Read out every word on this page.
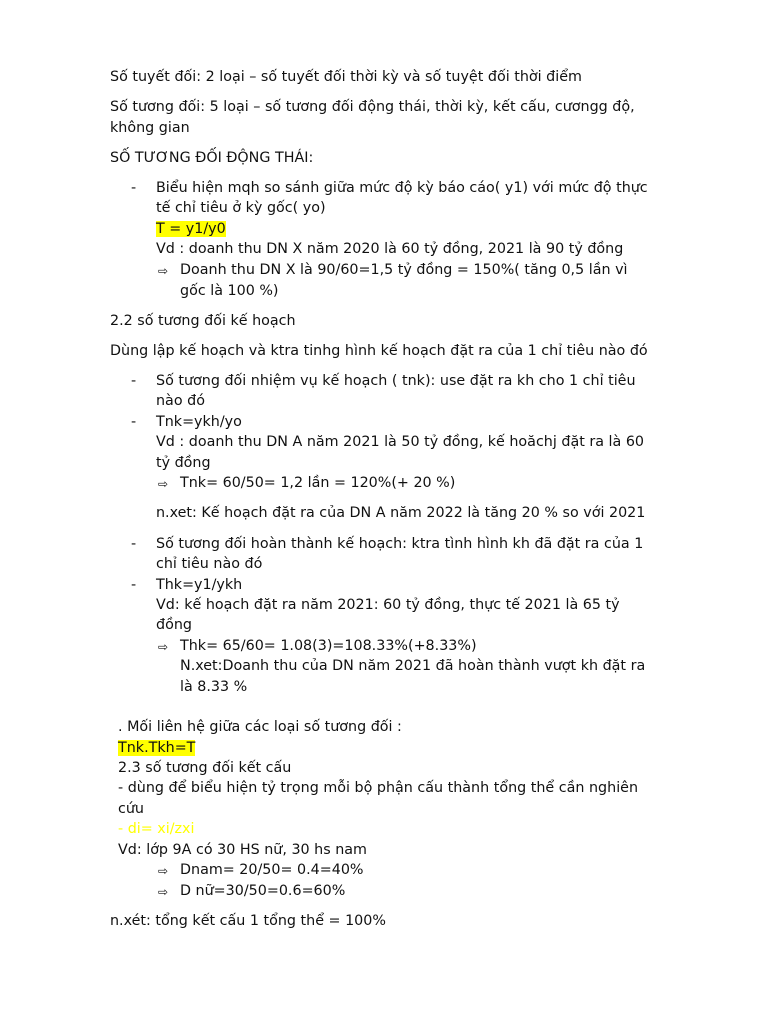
Số tuyết đối: 2 loại – số tuyết đối thời kỳ và số tuyệt đối thời điểm
Số tương đối: 5 loại – số tương đối động thái, thời kỳ, kết cấu, cươngg độ,
không gian
SỐ TƯƠNG ĐỐI ĐỘNG THÁI:
- Biểu hiện mqh so sánh giữa mức độ kỳ báo cáo( y1) với mức độ thực
tế chỉ tiêu ở kỳ gốc( yo)
T = y1/y0
Vd : doanh thu DN X năm 2020 là 60 tỷ đồng, 2021 là 90 tỷ đồng
⇨ Doanh thu DN X là 90/60=1,5 tỷ đồng = 150%( tăng 0,5 lần vì
gốc là 100 %)
2.2 số tương đối kế hoạch
Dùng lập kế hoạch và ktra tinhg hình kế hoạch đặt ra của 1 chỉ tiêu nào đó
- Số tương đối nhiệm vụ kế hoạch ( tnk): use đặt ra kh cho 1 chỉ tiêu
nào đó
- Tnk=ykh/yo
Vd : doanh thu DN A năm 2021 là 50 tỷ đồng, kế hoăchj đặt ra là 60
tỷ đồng
⇨ Tnk= 60/50= 1,2 lần = 120%(+ 20 %)
n.xet: Kế hoạch đặt ra của DN A năm 2022 là tăng 20 % so với 2021
- Số tương đối hoàn thành kế hoạch: ktra tình hình kh đã đặt ra của 1
chỉ tiêu nào đó
- Thk=y1/ykh
Vd: kế hoạch đặt ra năm 2021: 60 tỷ đồng, thực tế 2021 là 65 tỷ
đồng
⇨ Thk= 65/60= 1.08(3)=108.33%(+8.33%)
N.xet:Doanh thu của DN năm 2021 đã hoàn thành vượt kh đặt ra
là 8.33 %
. Mối liên hệ giữa các loại số tương đối :
Tnk.Tkh=T
2.3 số tương đối kết cấu
- dùng để biểu hiện tỷ trọng mỗi bộ phận cấu thành tổng thể cần nghiên
cứu
- di= xi/zxi
Vd: lớp 9A có 30 HS nữ, 30 hs nam
⇨ Dnam= 20/50= 0.4=40%
⇨ D nữ=30/50=0.6=60%
n.xét: tổng kết cấu 1 tổng thể = 100%
